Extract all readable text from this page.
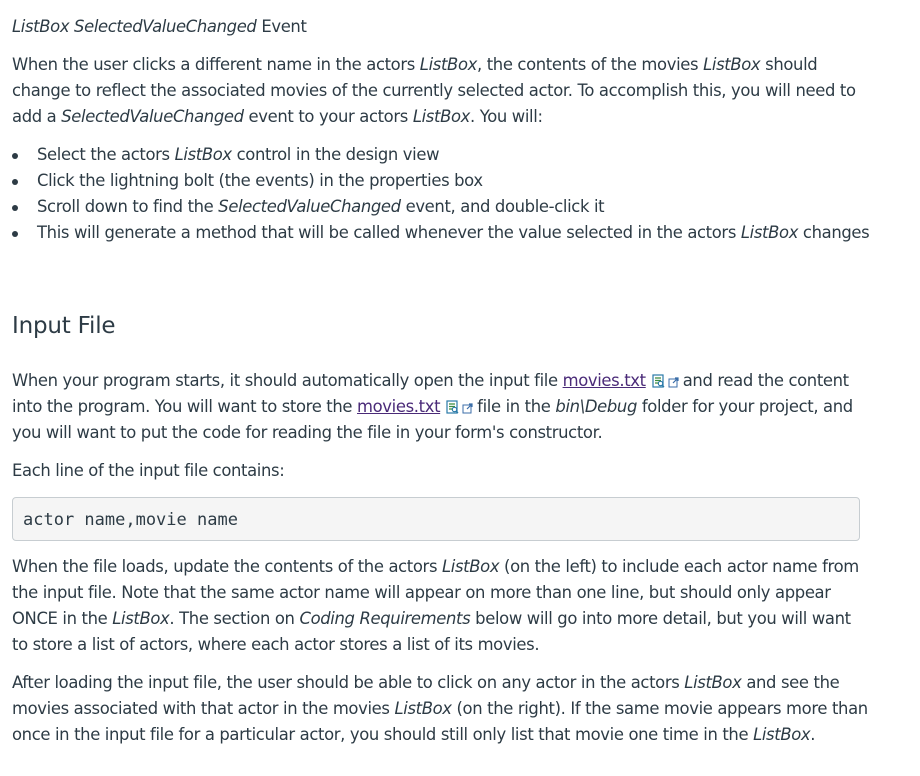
ListBox SelectedValueChanged Event
When the user clicks a different name in the actors ListBox, the contents of the movies ListBox should
change to reflect the associated movies of the currently selected actor. To accomplish this, you will need to
add a SelectedValueChanged event to your actors ListBox. You will:
Select the actors ListBox control in the design view
Click the lightning bolt (the events) in the properties box
Scroll down to find the SelectedValueChanged event, and double-click it
This will generate a method that will be called whenever the value selected in the actors ListBox changes
Input File
When your program starts, it should automatically open the input file movies.txt and read the content
into the program. You will want to store the movies.txt file in the bin\Debug folder for your project, and
you will want to put the code for reading the file in your form's constructor.
Each line of the input file contains:
actor name,movie name
When the file loads, update the contents of the actors ListBox (on the left) to include each actor name from
the input file. Note that the same actor name will appear on more than one line, but should only appear
ONCE in the ListBox. The section on Coding Requirements below will go into more detail, but you will want
to store a list of actors, where each actor stores a list of its movies.
After loading the input file, the user should be able to click on any actor in the actors ListBox and see the
movies associated with that actor in the movies ListBox (on the right). If the same movie appears more than
once in the input file for a particular actor, you should still only list that movie one time in the ListBox.
